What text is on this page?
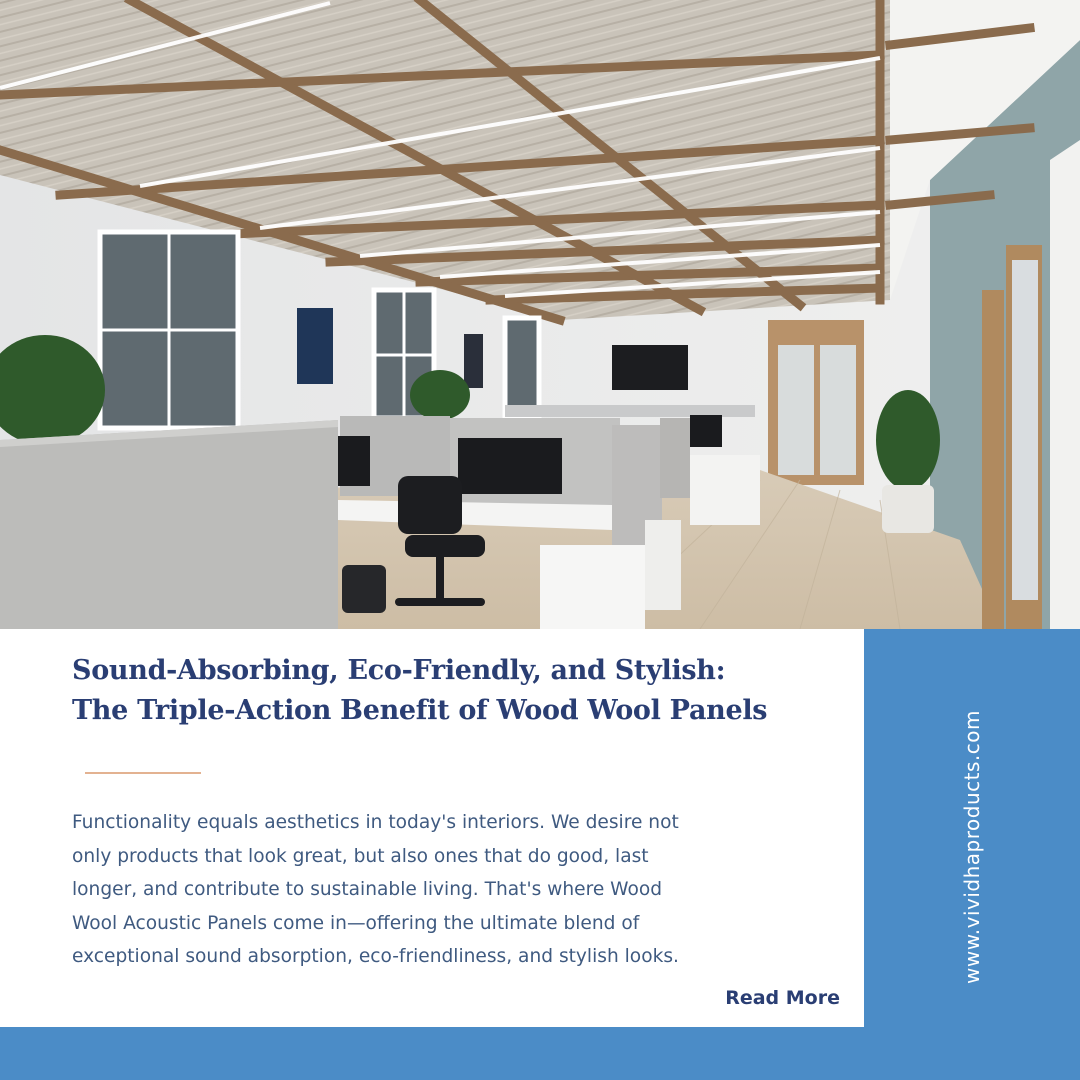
Sound-Absorbing, Eco-Friendly, and Stylish:
The Triple-Action Benefit of Wood Wool Panels

Functionality equals aesthetics in today's interiors. We desire not
only products that look great, but also ones that do good, last
longer, and contribute to sustainable living. That's where Wood
Wool Acoustic Panels come in—offering the ultimate blend of
exceptional sound absorption, eco-friendliness, and stylish looks.

Read More
www.vividhaproducts.com
